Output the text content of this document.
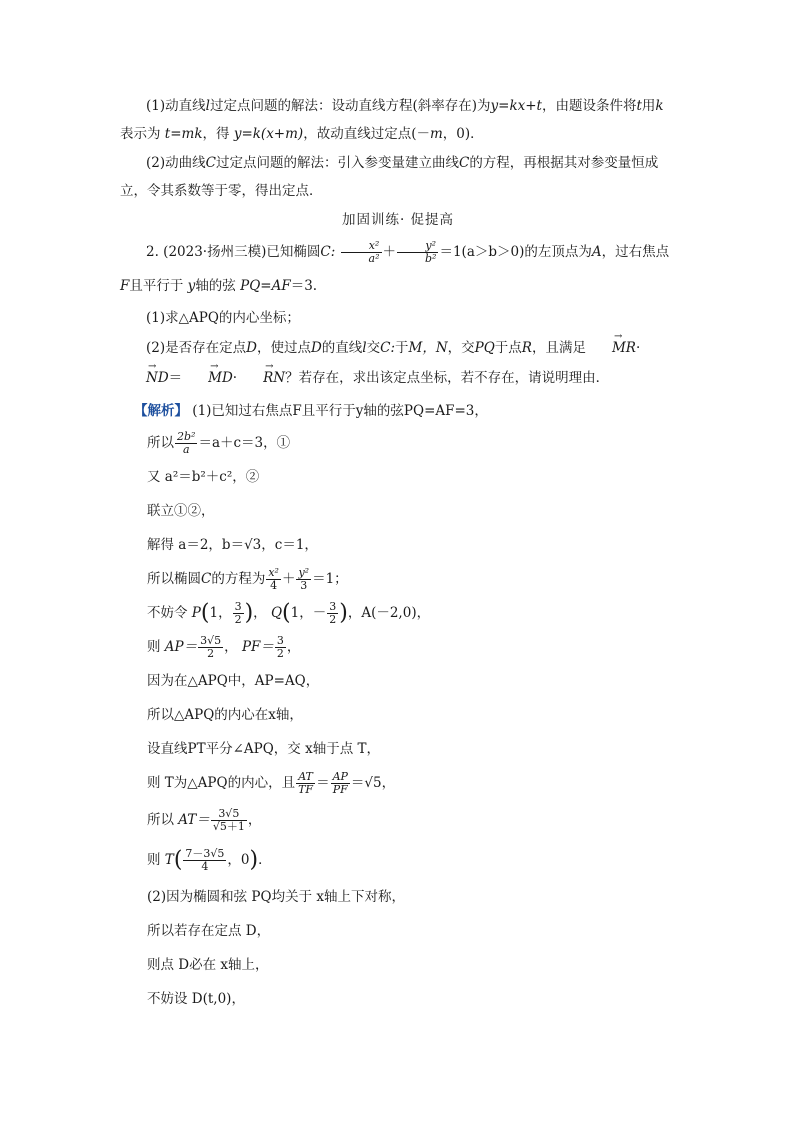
(1)动直线l过定点问题的解法：设动直线方程(斜率存在)为y=kx+t，由题设条件将t用k表示为 t=mk，得 y=k(x+m)，故动直线过定点(－m，0)．

(2)动曲线C过定点问题的解法：引入参变量建立曲线C的方程，再根据其对参变量恒成立，令其系数等于零，得出定点．

加固训练· 促提高

2. (2023·扬州三模)已知椭圆C: $\frac{\text{x²}}{\text{a²}} + \frac{\text{y²}}{\text{b²}} =1(a>b>0)$的左顶点为A，过右焦点F且平行于 y轴的弦 PQ=AF＝3.

(1)求△APQ的内心坐标；

(2)是否存在定点D，使过点D的直线l交C:于M，N，交PQ于点R，且满足 → MR·→ ND＝ → MD· → RN？若存在，求出该定点坐标，若不存在，请说明理由．

【解析】 (1)已知过右焦点F且平行于y轴的弦PQ=AF=3，

所以 $\frac{\text{2b²}}{a} =a+c=3$，①
又 a²＝b²＋c²，②
联立①②，
解得 a＝2，b＝√3，c＝1，
所以椭圆C的方程为 $\frac{\text{x²}}{4} + \frac{\text{y²}}{3} =1$；
不妨令 P(1， $\frac{3}{2}$ )， Q(1，－ $\frac{3}{2}$ )，A(－2,0)，
则 $AP= \frac{3√5}{2}$ ， $PF= \frac{3}{2}$ ，
因为在△APQ中，AP=AQ，
所以△APQ的内心在x轴，
设直线PT平分∠APQ，交 x轴于点 T，
则 T为△APQ的内心，且 $\frac{AT}{TF} = \frac{AP}{PF} =√5$，
所以 $AT= \frac{3√5}{√5+1}$ ，
则 $T( \frac{7-3√5}{4}$ ，0)．
(2)因为椭圆和弦 PQ均关于 x轴上下对称，
所以若存在定点 D，
则点 D必在 x轴上，
不妨设 D(t,0)，
